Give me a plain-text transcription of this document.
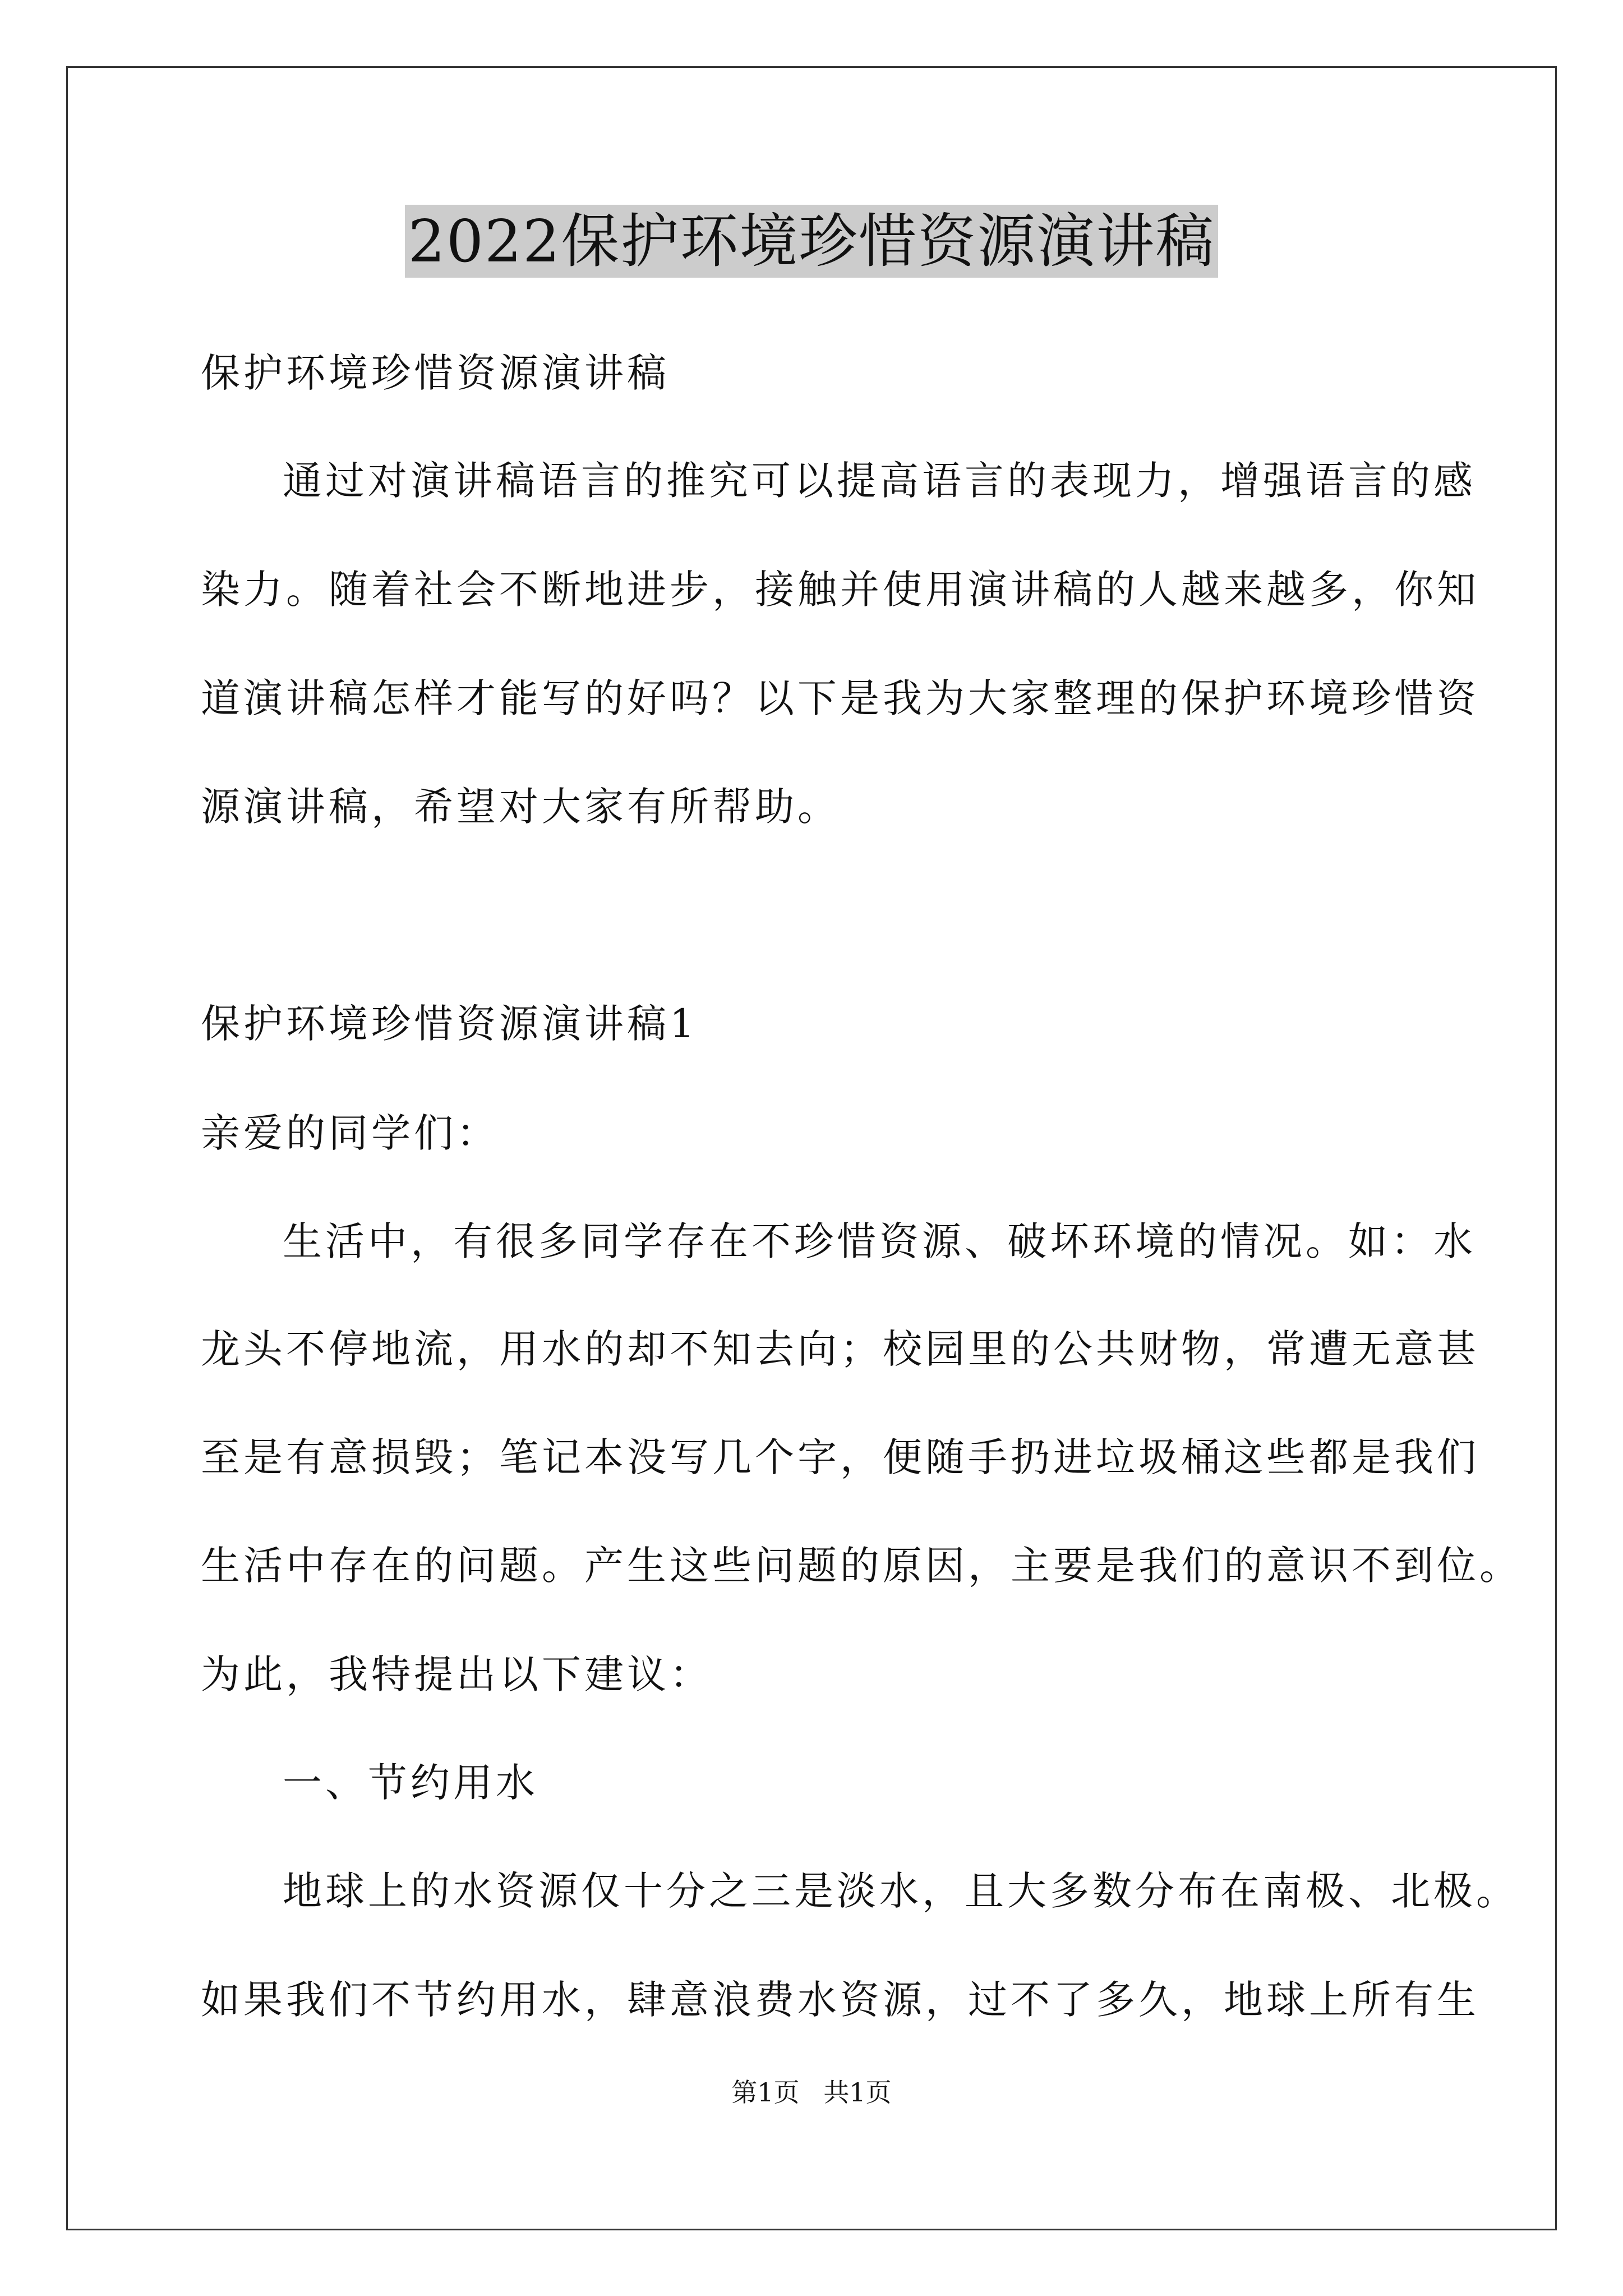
2022保护环境珍惜资源演讲稿
保护环境珍惜资源演讲稿
通过对演讲稿语言的推究可以提高语言的表现力，增强语言的感
染力。随着社会不断地进步，接触并使用演讲稿的人越来越多，你知
道演讲稿怎样才能写的好吗？以下是我为大家整理的保护环境珍惜资
源演讲稿，希望对大家有所帮助。
保护环境珍惜资源演讲稿1
亲爱的同学们：
生活中，有很多同学存在不珍惜资源、破坏环境的情况。如：水
龙头不停地流，用水的却不知去向；校园里的公共财物，常遭无意甚
至是有意损毁；笔记本没写几个字，便随手扔进垃圾桶这些都是我们
生活中存在的问题。产生这些问题的原因，主要是我们的意识不到位。
为此，我特提出以下建议：
一、节约用水
地球上的水资源仅十分之三是淡水，且大多数分布在南极、北极。
如果我们不节约用水，肆意浪费水资源，过不了多久，地球上所有生
第1页 共1页
